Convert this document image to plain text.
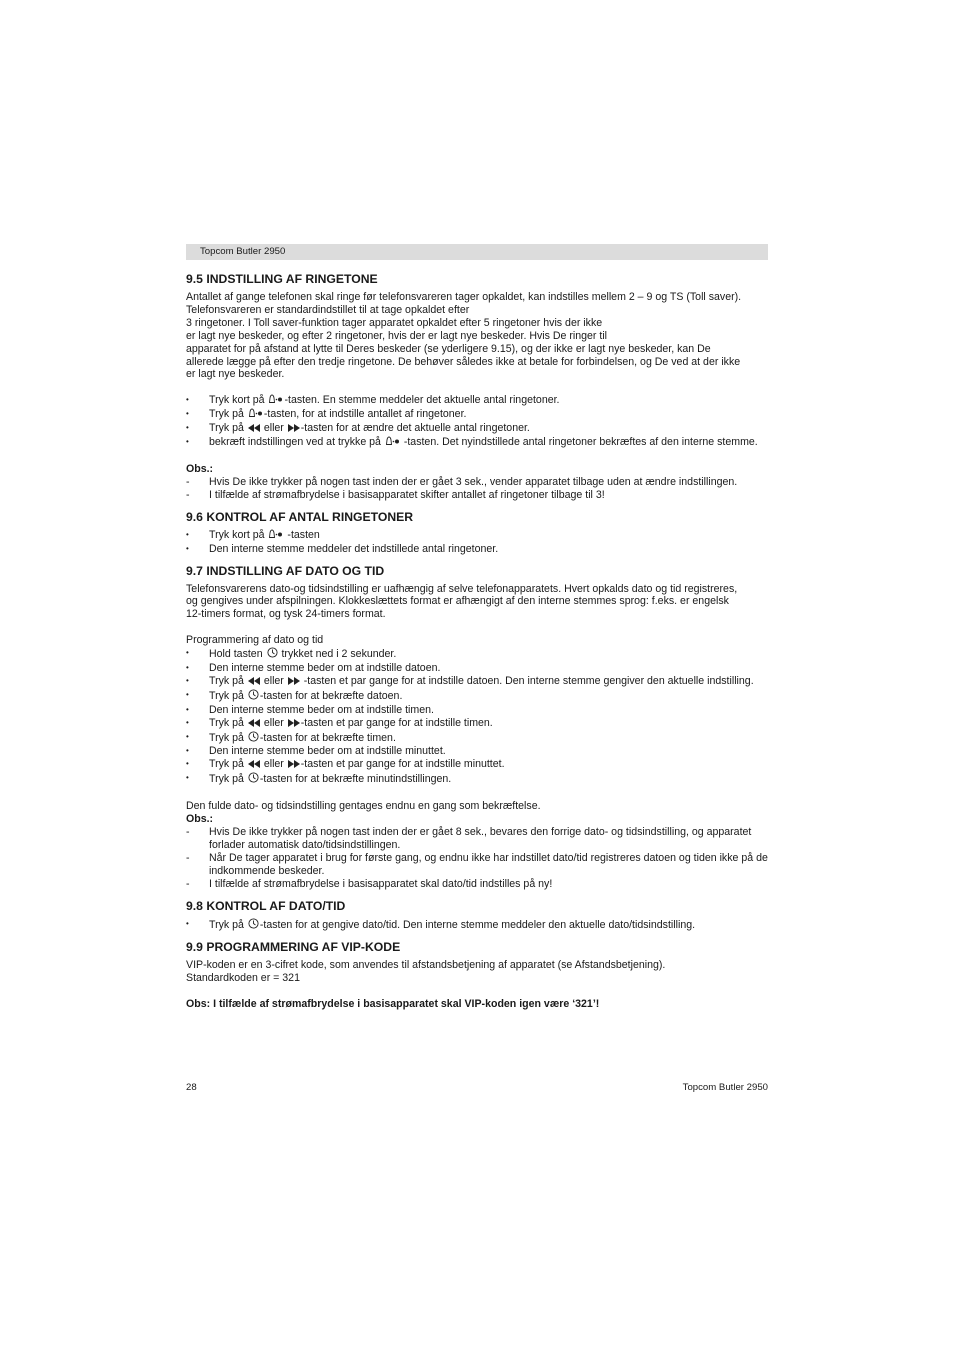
Topcom Butler 2950
9.5 INDSTILLING AF RINGETONE

Antallet af gange telefonen skal ringe før telefonsvareren tager opkaldet, kan indstilles mellem 2 – 9 og TS (Toll saver).

Telefonsvareren er standardindstillet til at tage opkaldet efter

3 ringetoner. I Toll saver-funktion tager apparatet opkaldet efter 5 ringetoner hvis der ikke

er lagt nye beskeder, og efter 2 ringetoner, hvis der er lagt nye beskeder. Hvis De ringer til

apparatet for på afstand at lytte til Deres beskeder (se yderligere 9.15), og der ikke er lagt nye beskeder, kan De

allerede lægge på efter den tredje ringetone. De behøver således ikke at betale for forbindelsen, og De ved at der ikke

er lagt nye beskeder.

• Tryk kort på -tasten. En stemme meddeler det aktuelle antal ringetoner.
• Tryk på -tasten, for at indstille antallet af ringetoner.
• Tryk på  eller -tasten for at ændre det aktuelle antal ringetoner.
• bekræft indstillingen ved at trykke på  -tasten. Det nyindstillede antal ringetoner bekræftes af den interne stemme.

Obs.:

- Hvis De ikke trykker på nogen tast inden der er gået 3 sek., vender apparatet tilbage uden at ændre indstillingen.
- I tilfælde af strømafbrydelse i basisapparatet skifter antallet af ringetoner tilbage til 3!
9.6 KONTROL AF ANTAL RINGETONER
• Tryk kort på  -tasten
• Den interne stemme meddeler det indstillede antal ringetoner.
9.7 INDSTILLING AF DATO OG TID

Telefonsvarerens dato-og tidsindstilling er uafhængig af selve telefonapparatets. Hvert opkalds dato og tid registreres,

og gengives under afspilningen. Klokkeslættets format er afhængigt af den interne stemmes sprog: f.eks. er engelsk

12-timers format, og tysk 24-timers format.

Programmering af dato og tid

• Hold tasten  trykket ned i 2 sekunder.
• Den interne stemme beder om at indstille datoen.
• Tryk på  eller  -tasten et par gange for at indstille datoen. Den interne stemme gengiver den aktuelle indstilling.
• Tryk på -tasten for at bekræfte datoen.
• Den interne stemme beder om at indstille timen.
• Tryk på  eller -tasten et par gange for at indstille timen.
• Tryk på -tasten for at bekræfte timen.
• Den interne stemme beder om at indstille minuttet.
• Tryk på  eller -tasten et par gange for at indstille minuttet.
• Tryk på -tasten for at bekræfte minutindstillingen.

Den fulde dato- og tidsindstilling gentages endnu en gang som bekræftelse.

Obs.:

- Hvis De ikke trykker på nogen tast inden der er gået 8 sek., bevares den forrige dato- og tidsindstilling, og apparatet forlader automatisk dato/tidsindstillingen.
- Når De tager apparatet i brug for første gang, og endnu ikke har indstillet dato/tid registreres datoen og tiden ikke på de indkommende beskeder.
- I tilfælde af strømafbrydelse i basisapparatet skal dato/tid indstilles på ny!
9.8 KONTROL AF DATO/TID
• Tryk på -tasten for at gengive dato/tid. Den interne stemme meddeler den aktuelle dato/tidsindstilling.
9.9 PROGRAMMERING AF VIP-KODE

VIP-koden er en 3-cifret kode, som anvendes til afstandsbetjening af apparatet (se Afstandsbetjening).

Standardkoden er = 321

Obs: I tilfælde af strømafbrydelse i basisapparatet skal VIP-koden igen være ‘321’!

28	Topcom Butler 2950
